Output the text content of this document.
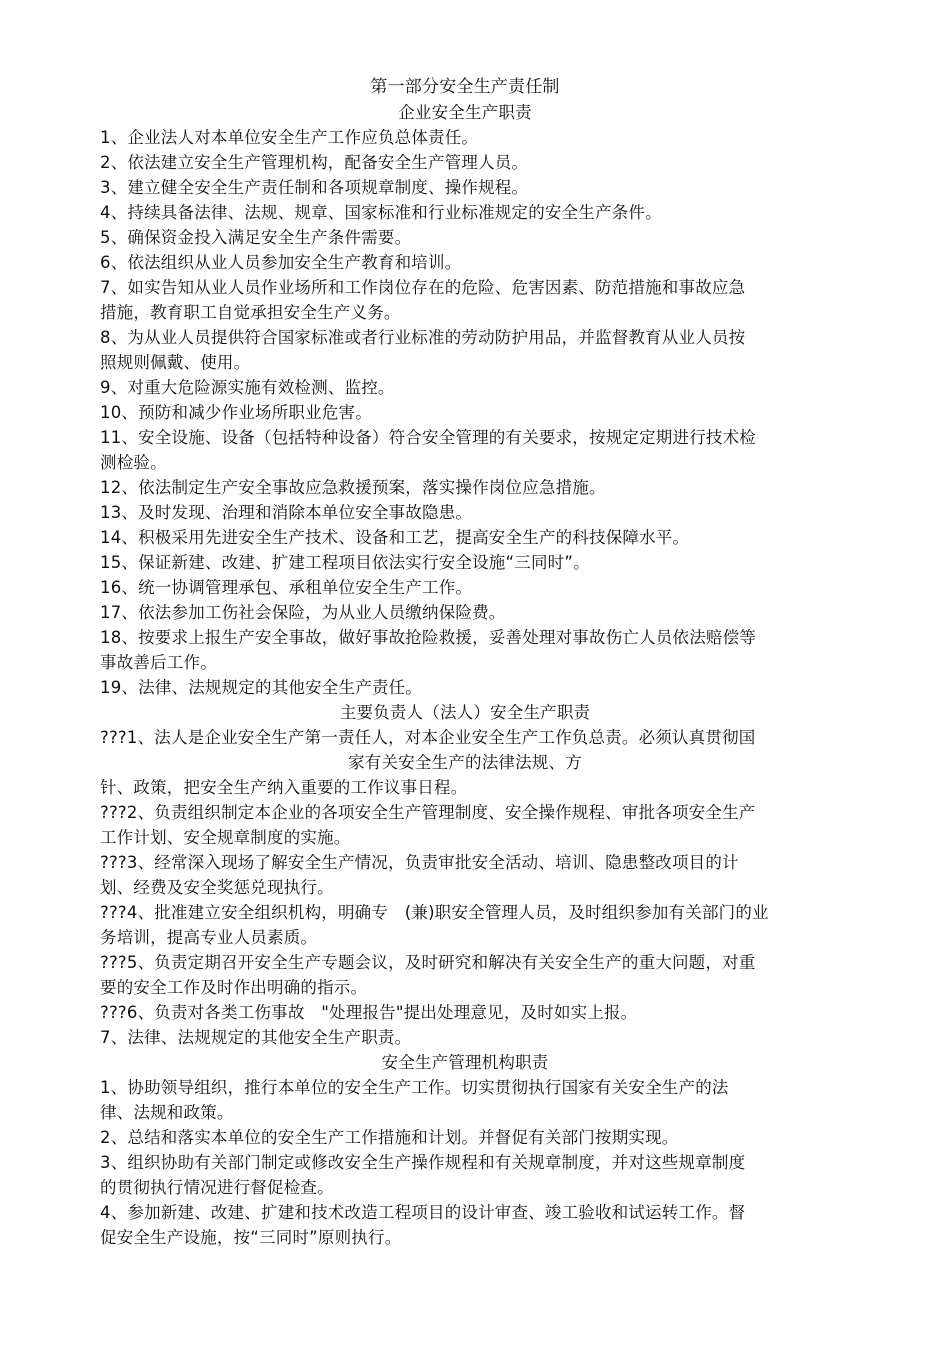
第一部分安全生产责任制
企业安全生产职责
1、企业法人对本单位安全生产工作应负总体责任。
2、依法建立安全生产管理机构，配备安全生产管理人员。
3、建立健全安全生产责任制和各项规章制度、操作规程。
4、持续具备法律、法规、规章、国家标准和行业标准规定的安全生产条件。
5、确保资金投入满足安全生产条件需要。
6、依法组织从业人员参加安全生产教育和培训。
7、如实告知从业人员作业场所和工作岗位存在的危险、危害因素、防范措施和事故应急
措施，教育职工自觉承担安全生产义务。
8、为从业人员提供符合国家标准或者行业标准的劳动防护用品，并监督教育从业人员按
照规则佩戴、使用。
9、对重大危险源实施有效检测、监控。
10、预防和减少作业场所职业危害。
11、安全设施、设备（包括特种设备）符合安全管理的有关要求，按规定定期进行技术检
测检验。
12、依法制定生产安全事故应急救援预案，落实操作岗位应急措施。
13、及时发现、治理和消除本单位安全事故隐患。
14、积极采用先进安全生产技术、设备和工艺，提高安全生产的科技保障水平。
15、保证新建、改建、扩建工程项目依法实行安全设施“三同时”。
16、统一协调管理承包、承租单位安全生产工作。
17、依法参加工伤社会保险，为从业人员缴纳保险费。
18、按要求上报生产安全事故，做好事故抢险救援，妥善处理对事故伤亡人员依法赔偿等
事故善后工作。
19、法律、法规规定的其他安全生产责任。
主要负责人（法人）安全生产职责
???1、法人是企业安全生产第一责任人，对本企业安全生产工作负总责。必须认真贯彻国
家有关安全生产的法律法规、方
针、政策，把安全生产纳入重要的工作议事日程。
???2、负责组织制定本企业的各项安全生产管理制度、安全操作规程、审批各项安全生产
工作计划、安全规章制度的实施。
???3、经常深入现场了解安全生产情况，负责审批安全活动、培训、隐患整改项目的计
划、经费及安全奖惩兑现执行。
???4、批准建立安全组织机构，明确专　(兼)职安全管理人员，及时组织参加有关部门的业
务培训，提高专业人员素质。
???5、负责定期召开安全生产专题会议，及时研究和解决有关安全生产的重大问题，对重
要的安全工作及时作出明确的指示。
???6、负责对各类工伤事故　"处理报告"提出处理意见，及时如实上报。
7、法律、法规规定的其他安全生产职责。
安全生产管理机构职责
1、协助领导组织，推行本单位的安全生产工作。切实贯彻执行国家有关安全生产的法
律、法规和政策。
2、总结和落实本单位的安全生产工作措施和计划。并督促有关部门按期实现。
3、组织协助有关部门制定或修改安全生产操作规程和有关规章制度，并对这些规章制度
的贯彻执行情况进行督促检查。
4、参加新建、改建、扩建和技术改造工程项目的设计审查、竣工验收和试运转工作。督
促安全生产设施，按“三同时”原则执行。
